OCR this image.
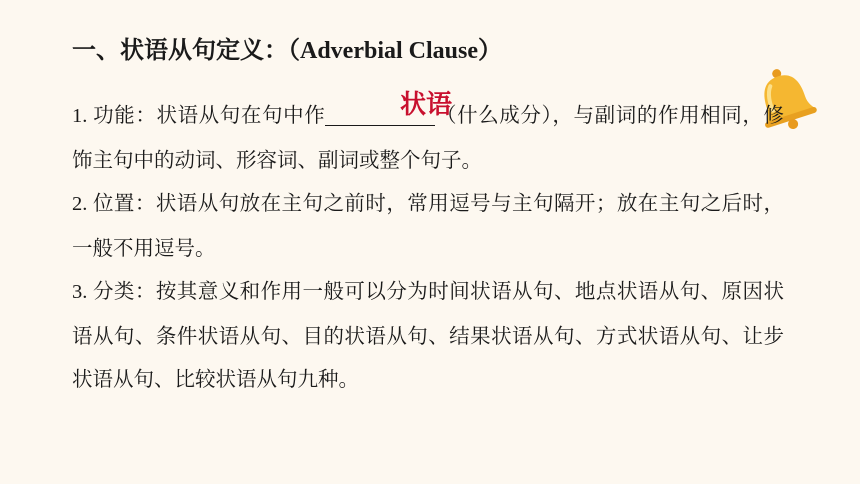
一、状语从句定义：（Adverbial Clause）
状语

1. 功能：状语从句在句中作	（什么成分），与副词的作用相同，修饰主句中的动词、形容词、副词或整个句子。

2. 位置：状语从句放在主句之前时，常用逗号与主句隔开；放在主句之后时，一般不用逗号。

3. 分类：按其意义和作用一般可以分为时间状语从句、地点状语从句、原因状语从句、条件状语从句、目的状语从句、结果状语从句、方式状语从句、让步状语从句、比较状语从句九种。
